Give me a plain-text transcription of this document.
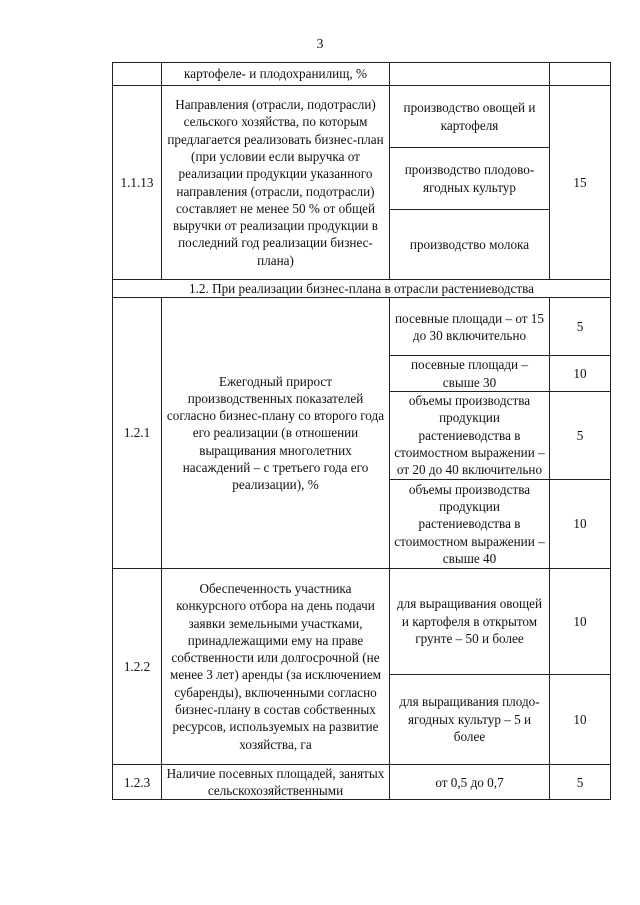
3
	картофеле- и плодохранилищ, %		
1.1.13	Направления (отрасли, подотрасли) сельского хозяйства, по которым предлагается реализовать бизнес-план (при условии если выручка от реализации продукции указанного направления (отрасли, подотрасли) составляет не менее 50 % от общей выручки от реализации продукции в последний год реализации бизнес-плана)	производство овощей и картофеля	15
		производство плодово-ягодных культур	
		производство молока	
1.2. При реализации бизнес-плана в отрасли растениеводства			
1.2.1	Ежегодный прирост производственных показателей согласно бизнес-плану со второго года его реализации (в отношении выращивания многолетних насаждений – с третьего года его реализации), %	посевные площади – от 15 до 30 включительно	5
		посевные площади – свыше 30	10
		объемы производства продукции растениеводства в стоимостном выражении – от 20 до 40 включительно	5
		объемы производства продукции растениеводства в стоимостном выражении – свыше 40	10
1.2.2	Обеспеченность участника конкурсного отбора на день подачи заявки земельными участками, принадлежащими ему на праве собственности или долгосрочной (не менее 3 лет) аренды (за исключением субаренды), включенными согласно бизнес-плану в состав собственных ресурсов, используемых на развитие хозяйства, га	для выращивания овощей и картофеля в открытом грунте – 50 и более	10
		для выращивания плодо-ягодных культур – 5 и более	10
1.2.3	Наличие посевных площадей, занятых сельскохозяйственными	от 0,5 до 0,7	5
